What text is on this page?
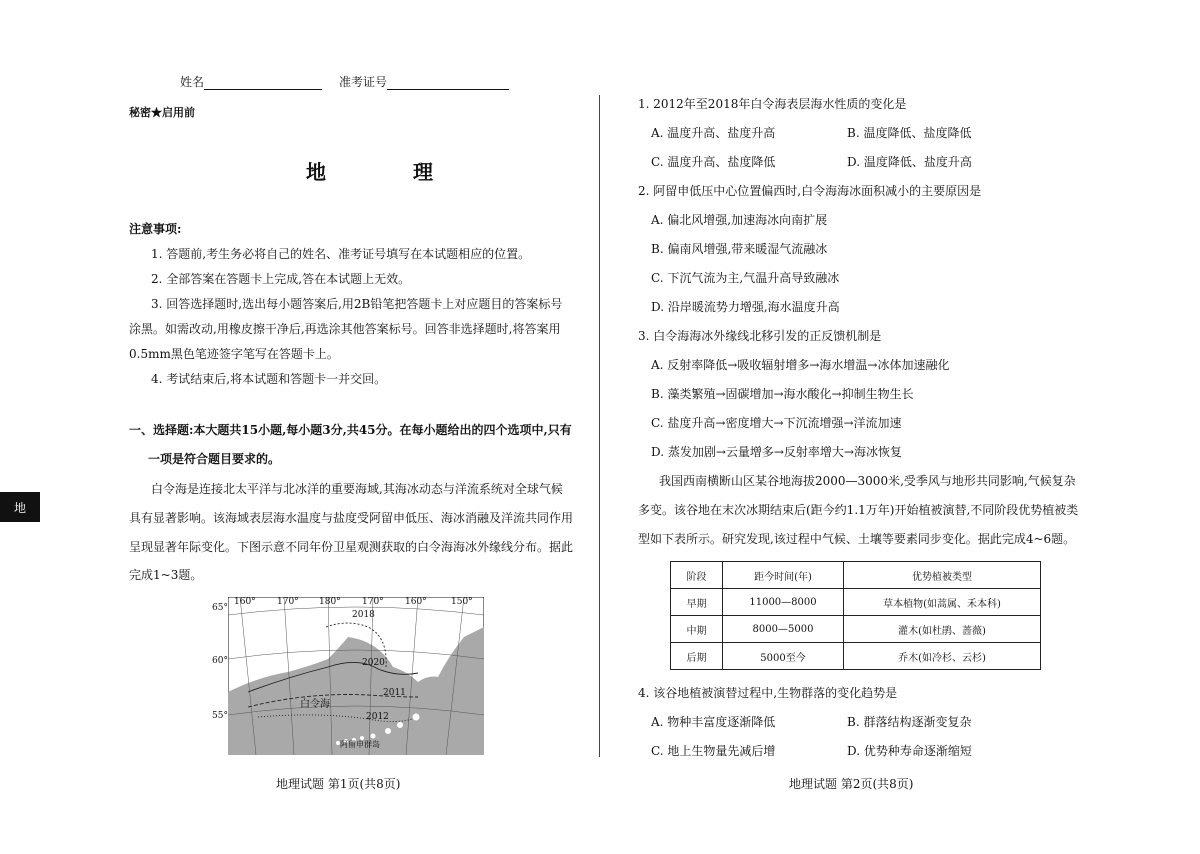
姓名	准考证号
秘密★启用前
地 理
注意事项:
1. 答题前,考生务必将自己的姓名、准考证号填写在本试题相应的位置。
2. 全部答案在答题卡上完成,答在本试题上无效。
3. 回答选择题时,选出每小题答案后,用2B铅笔把答题卡上对应题目的答案标号
涂黑。如需改动,用橡皮擦干净后,再选涂其他答案标号。回答非选择题时,将答案用
0.5mm黑色笔迹签字笔写在答题卡上。
4. 考试结束后,将本试题和答题卡一并交回。
一、选择题:本大题共15小题,每小题3分,共45分。在每小题给出的四个选项中,只有
一项是符合题目要求的。
白令海是连接北太平洋与北冰洋的重要海域,其海冰动态与洋流系统对全球气候
具有显著影响。该海域表层海水温度与盐度受阿留申低压、海冰消融及洋流共同作用
呈现显著年际变化。下图示意不同年份卫星观测获取的白令海海冰外缘线分布。据此
完成1~3题。
地
2018
2020
2011
2012
白令海
阿留申群岛
160° 170° 180° 170° 160°	150°
65°
60°
55°
地理试题 第1页(共8页)
1. 2012年至2018年白令海表层海水性质的变化是
A. 温度升高、盐度升高	B. 温度降低、盐度降低
C. 温度升高、盐度降低	D. 温度降低、盐度升高
2. 阿留申低压中心位置偏西时,白令海海冰面积减小的主要原因是
A. 偏北风增强,加速海冰向南扩展
B. 偏南风增强,带来暖湿气流融冰
C. 下沉气流为主,气温升高导致融冰
D. 沿岸暖流势力增强,海水温度升高
3. 白令海海冰外缘线北移引发的正反馈机制是
A. 反射率降低→吸收辐射增多→海水增温→冰体加速融化
B. 藻类繁殖→固碳增加→海水酸化→抑制生物生长
C. 盐度升高→密度增大→下沉流增强→洋流加速
D. 蒸发加剧→云量增多→反射率增大→海冰恢复
我国西南横断山区某谷地海拔2000—3000米,受季风与地形共同影响,气候复杂
多变。该谷地在末次冰期结束后(距今约1.1万年)开始植被演替,不同阶段优势植被类
型如下表所示。研究发现,该过程中气候、土壤等要素同步变化。据此完成4~6题。
阶段	距今时间(年)	优势植被类型
早期	11000—8000	草本植物(如蒿属、禾本科)
中期	8000—5000	灌木(如杜鹃、蔷薇)
后期	5000至今	乔木(如冷杉、云杉)
4. 该谷地植被演替过程中,生物群落的变化趋势是
A. 物种丰富度逐渐降低	B. 群落结构逐渐变复杂
C. 地上生物量先减后增	D. 优势种寿命逐渐缩短
地理试题 第2页(共8页)
